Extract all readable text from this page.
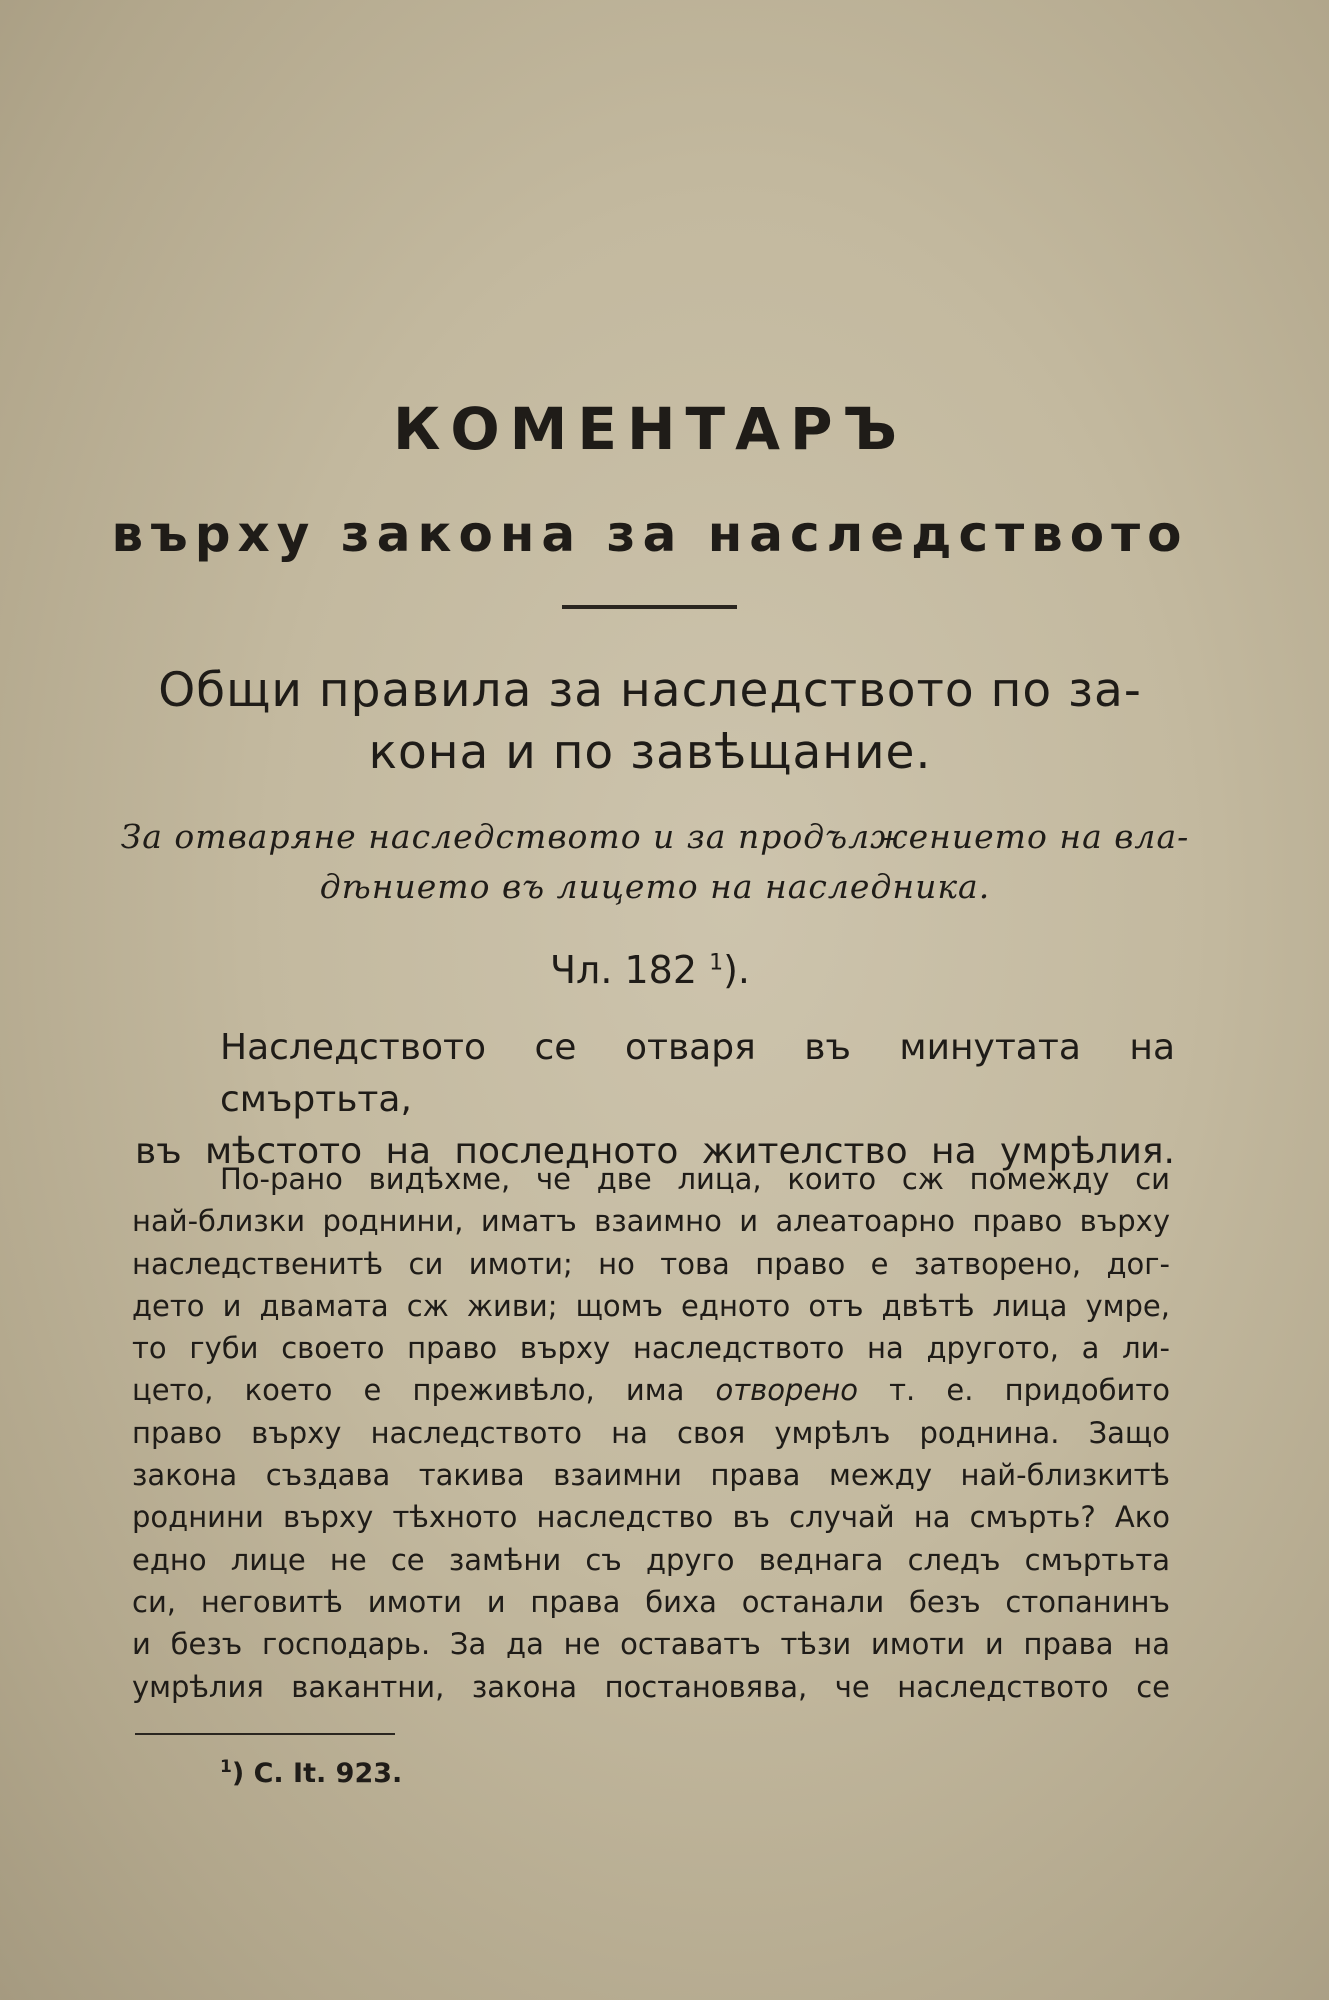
КОМЕНТАРЪ
върху закона за наследството
Общи правила за наследството по за-
кона и по завѣщание.
За отваряне наследството и за продължението на вла-
дѣнието въ лицето на наследника.

Чл. 182 $^1$).

Наследството се отваря въ минутата на смъртьта,
въ мѣстото на последното жителство на умрѣлия.

По-рано видѣхме, че две лица, които сж помежду си
най-близки роднини, иматъ взаимно и алеатоарно право върху
наследственитѣ си имоти; но това право е затворено, дог-
дето и двамата сж живи; щомъ едното отъ двѣтѣ лица умре,
то губи своето право върху наследството на другото, а ли-
цето, което е преживѣло, има отворено т. е. придобито
право върху наследството на своя умрѣлъ роднина. Защо
закона създава такива взаимни права между най-близкитѣ
роднини върху тѣхното наследство въ случай на смърть? Ако
едно лице не се замѣни съ друго веднага следъ смъртьта
си, неговитѣ имоти и права биха останали безъ стопанинъ
и безъ господарь. За да не оставатъ тѣзи имоти и права на
умрѣлия вакантни, закона постановява, че наследството се

$^1$) C. It. 923.
